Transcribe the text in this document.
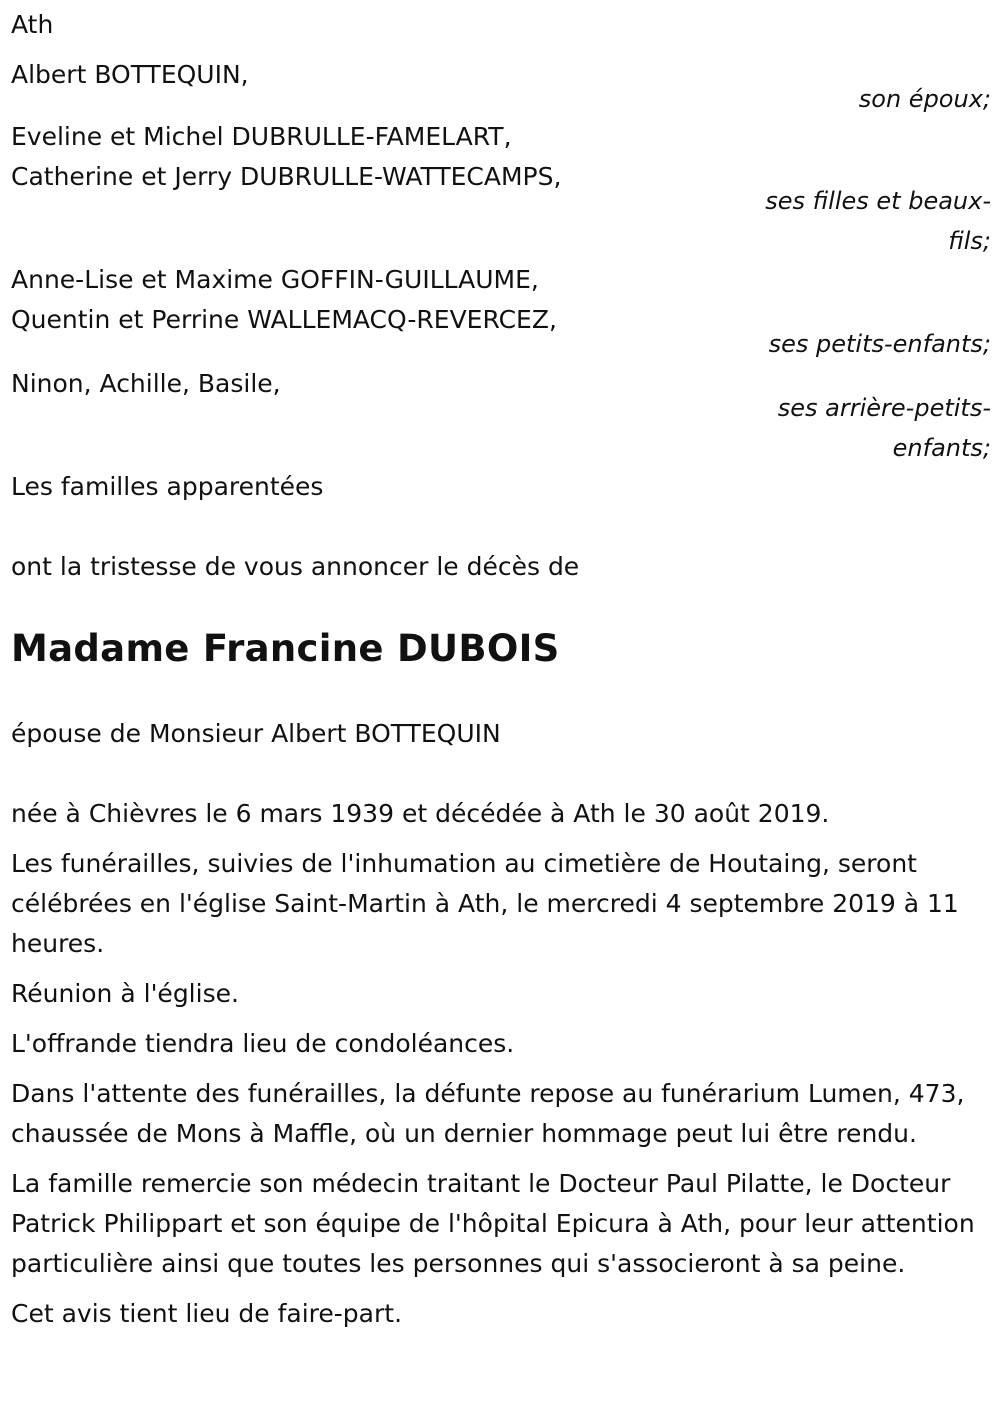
Ath
Albert BOTTEQUIN,
son époux;
Eveline et Michel DUBRULLE-FAMELART,
Catherine et Jerry DUBRULLE-WATTECAMPS,
ses filles et beaux-fils;
Anne-Lise et Maxime GOFFIN-GUILLAUME,
Quentin et Perrine WALLEMACQ-REVERCEZ,
ses petits-enfants;
Ninon, Achille, Basile,
ses arrière-petits-enfants;
Les familles apparentées
ont la tristesse de vous annoncer le décès de
Madame Francine DUBOIS
épouse de Monsieur Albert BOTTEQUIN

née à Chièvres le 6 mars 1939 et décédée à Ath le 30 août 2019.

Les funérailles, suivies de l'inhumation au cimetière de Houtaing, seront célébrées en l'église Saint-Martin à Ath, le mercredi 4 septembre 2019 à 11 heures.

Réunion à l'église.

L'offrande tiendra lieu de condoléances.

Dans l'attente des funérailles, la défunte repose au funérarium Lumen, 473, chaussée de Mons à Maffle, où un dernier hommage peut lui être rendu.

La famille remercie son médecin traitant le Docteur Paul Pilatte, le Docteur Patrick Philippart et son équipe de l'hôpital Epicura à Ath, pour leur attention particulière ainsi que toutes les personnes qui s'associeront à sa peine.

Cet avis tient lieu de faire-part.
